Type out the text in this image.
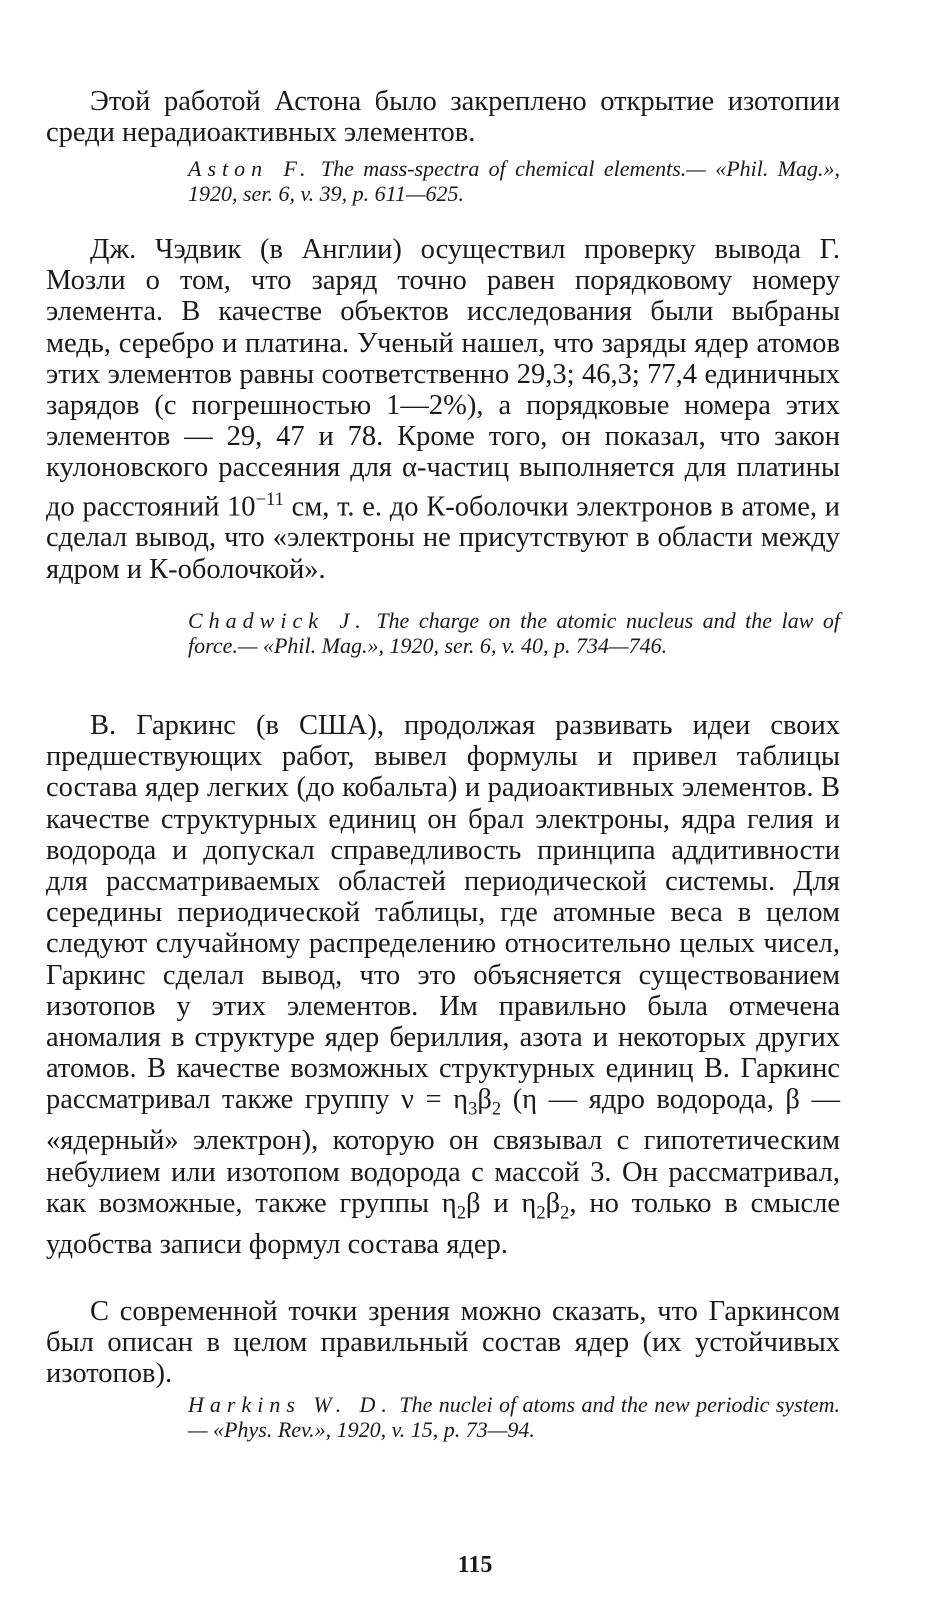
Этой работой Астона было закреплено открытие изотопии среди нерадиоактивных элементов.

Aston F. The mass-spectra of chemical elements.— «Phil. Mag.», 1920, ser. 6, v. 39, p. 611—625.

Дж. Чэдвик (в Англии) осуществил проверку вывода Г. Мозли о том, что заряд точно равен порядковому номеру элемента. В качестве объектов исследования были выбраны медь, серебро и платина. Ученый нашел, что заряды ядер атомов этих элементов равны соответственно 29,3; 46,3; 77,4 единичных зарядов (с погрешностью 1—2%), а порядковые номера этих элементов — 29, 47 и 78. Кроме того, он показал, что закон кулоновского рассеяния для α-частиц выполняется для платины до расстояний $10^{-11}$ см, т. е. до К-оболочки электронов в атоме, и сделал вывод, что «электроны не присутствуют в области между ядром и К-оболочкой».

Chadwick J. The charge on the atomic nucleus and the law of force.— «Phil. Mag.», 1920, ser. 6, v. 40, p. 734—746.

В. Гаркинс (в США), продолжая развивать идеи своих предшествующих работ, вывел формулы и привел таблицы состава ядер легких (до кобальта) и радиоактивных элементов. В качестве структурных единиц он брал электроны, ядра гелия и водорода и допускал справедливость принципа аддитивности для рассматриваемых областей периодической системы. Для середины периодической таблицы, где атомные веса в целом следуют случайному распределению относительно целых чисел, Гаркинс сделал вывод, что это объясняется существованием изотопов у этих элементов. Им правильно была отмечена аномалия в структуре ядер бериллия, азота и некоторых других атомов. В качестве возможных структурных единиц В. Гаркинс рассматривал также группу $\nu = \eta_3\beta_2$ (η — ядро водорода, β — «ядерный» электрон), которую он связывал с гипотетическим небулием или изотопом водорода с массой 3. Он рассматривал, как возможные, также группы $\eta_2\beta$ и $\eta_2\beta_2$, но только в смысле удобства записи формул состава ядер.

С современной точки зрения можно сказать, что Гаркинсом был описан в целом правильный состав ядер (их устойчивых изотопов).

Harkins W. D. The nuclei of atoms and the new periodic system.— «Phys. Rev.», 1920, v. 15, p. 73—94.

115
